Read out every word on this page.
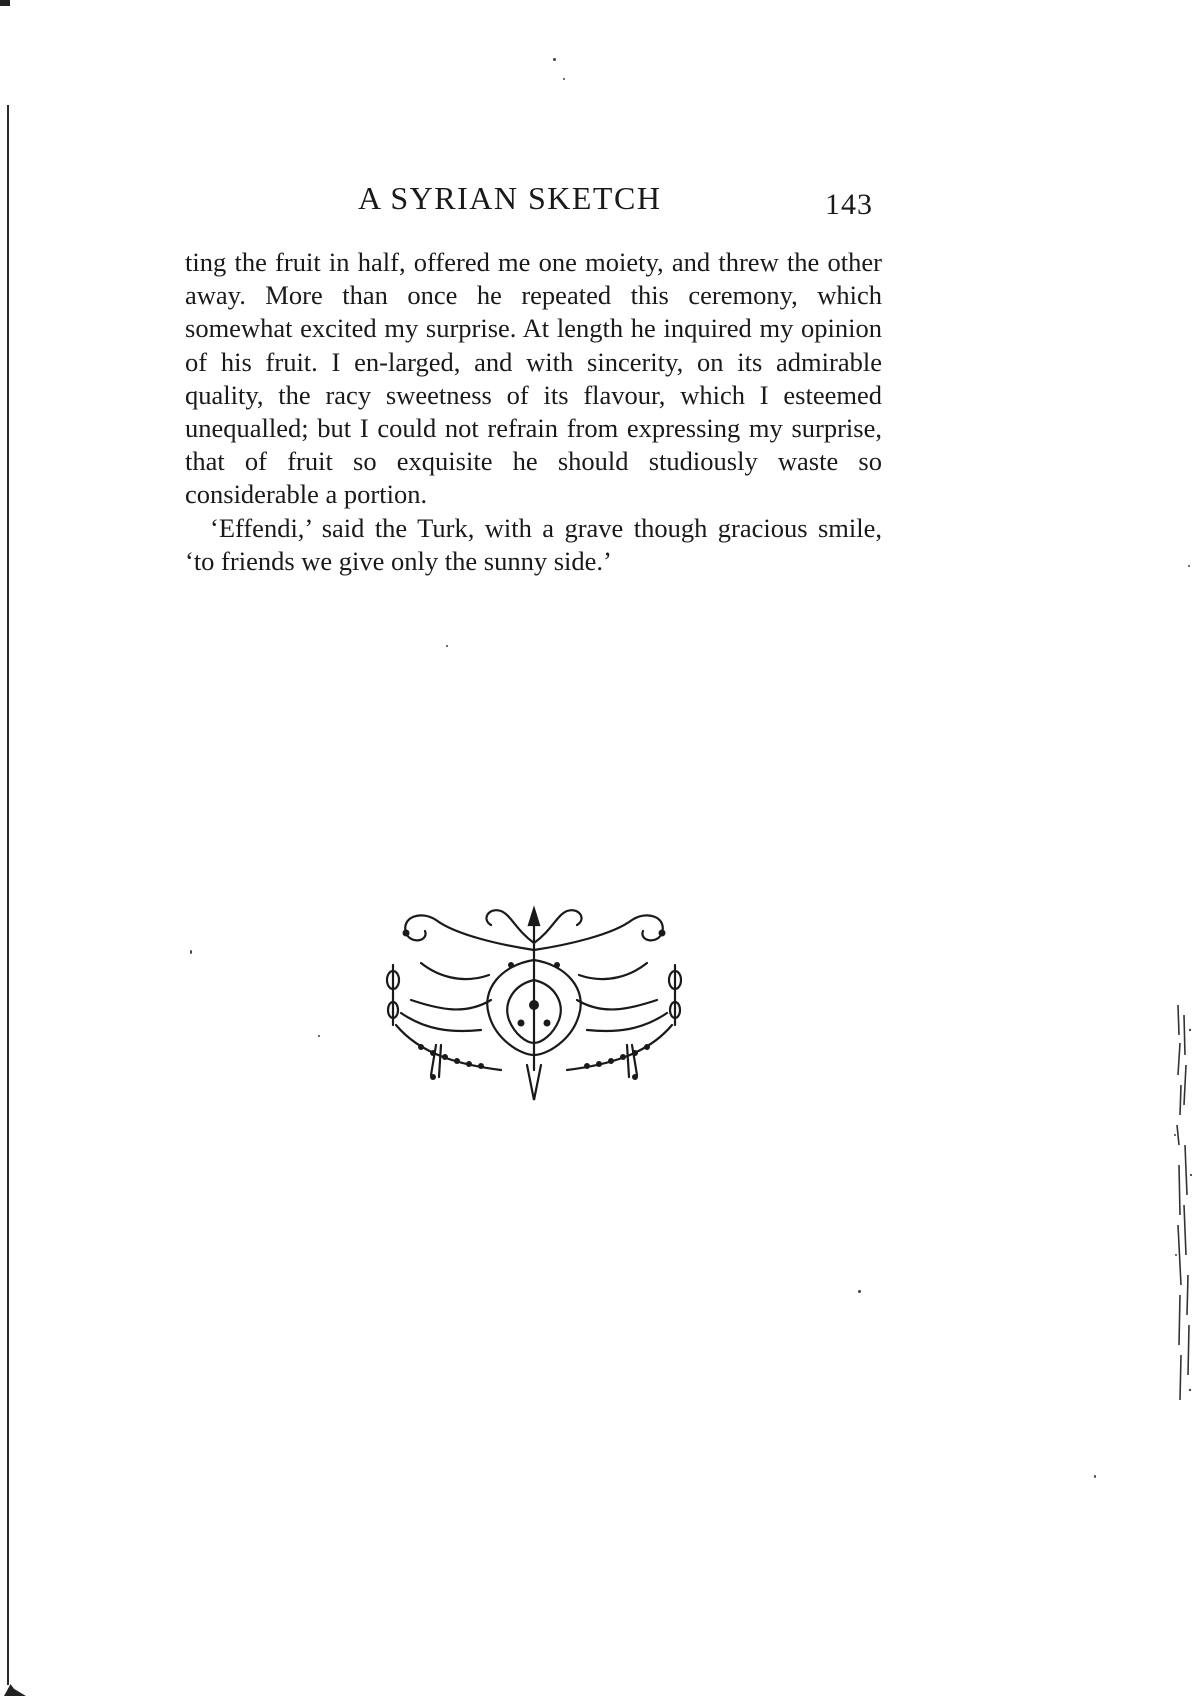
A SYRIAN SKETCH	143

ting the fruit in half, offered me one moiety, and threw the other away. More than once he repeated this ceremony, which somewhat excited my surprise. At length he inquired my opinion of his fruit. I en-larged, and with sincerity, on its admirable quality, the racy sweetness of its flavour, which I esteemed unequalled; but I could not refrain from expressing my surprise, that of fruit so exquisite he should studiously waste so considerable a portion.

‘Effendi,’ said the Turk, with a grave though gracious smile, ‘to friends we give only the sunny side.’
